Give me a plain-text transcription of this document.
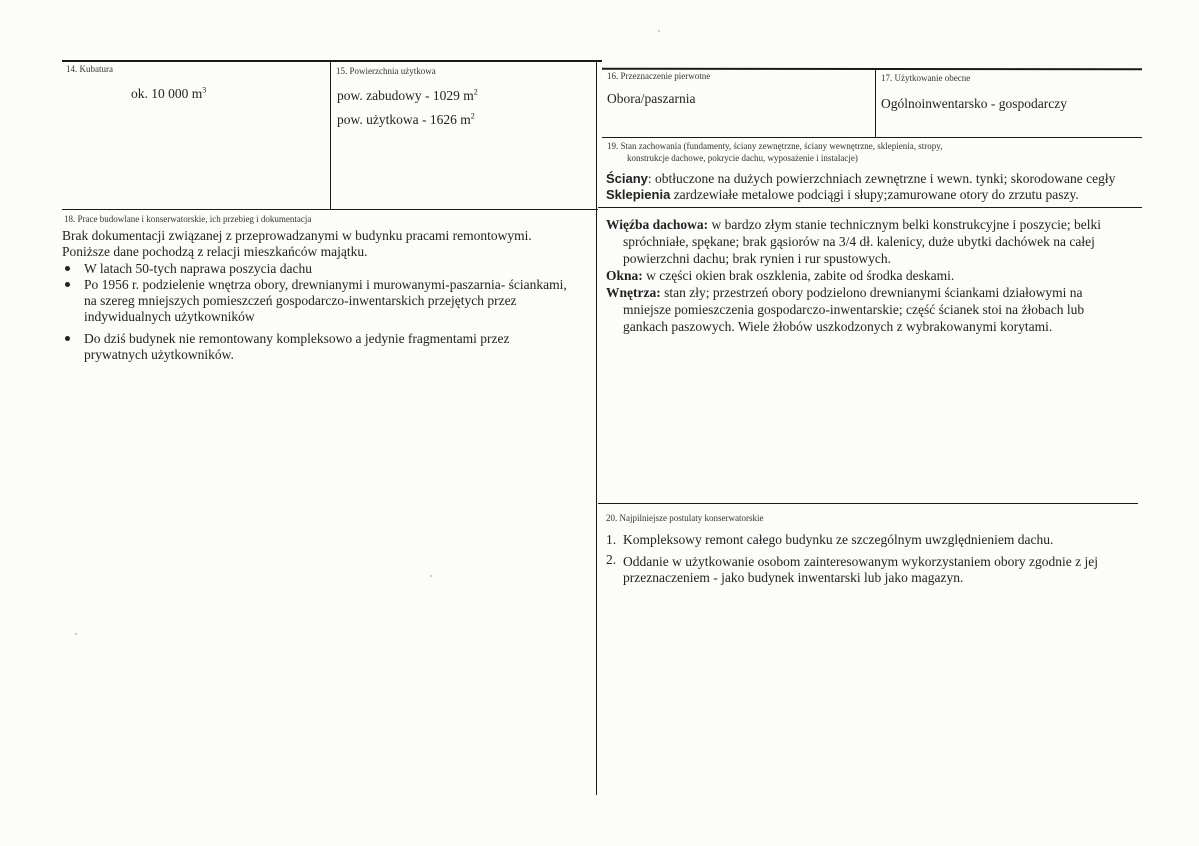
14. Kubatura
ok. 10 000 $m^3$
15. Powierzchnia użytkowa
pow. zabudowy - 1029 $m^2$
pow. użytkowa - 1626 $m^2$
16. Przeznaczenie pierwotne
Obora/paszarnia
17. Użytkowanie obecne
Ogólnoinwentarsko - gospodarczy
19. Stan zachowania (fundamenty, ściany zewnętrzne, ściany wewnętrzne, sklepienia, stropy,
konstrukcje dachowe, pokrycie dachu, wyposażenie i instalacje)
Ściany: obtłuczone na dużych powierzchniach zewnętrzne i wewn. tynki; skorodowane cegły
Sklepienia zardzewiałe metalowe podciągi i słupy;zamurowane otory do zrzutu paszy.
Więźba dachowa: w bardzo złym stanie technicznym belki konstrukcyjne i poszycie; belki
spróchniałe, spękane; brak gąsiorów na 3/4 dł. kalenicy, duże ubytki dachówek na całej
powierzchni dachu; brak rynien i rur spustowych.
Okna: w części okien brak oszklenia, zabite od środka deskami.
Wnętrza: stan zły; przestrzeń obory podzielono drewnianymi ściankami działowymi na
mniejsze pomieszczenia gospodarczo-inwentarskie; część ścianek stoi na żłobach lub
gankach paszowych. Wiele żłobów uszkodzonych z wybrakowanymi korytami.
18. Prace budowlane i konserwatorskie, ich przebieg i dokumentacja
Brak dokumentacji związanej z przeprowadzanymi w budynku pracami remontowymi.
Poniższe dane pochodzą z relacji mieszkańców majątku.
W latach 50-tych naprawa poszycia dachu
Po 1956 r. podzielenie wnętrza obory, drewnianymi i murowanymi-paszarnia- ściankami,
na szereg mniejszych pomieszczeń gospodarczo-inwentarskich przejętych przez
indywidualnych użytkowników
Do dziś budynek nie remontowany kompleksowo a jedynie fragmentami przez
prywatnych użytkowników.
20. Najpilniejsze postulaty konserwatorskie
1. Kompleksowy remont całego budynku ze szczególnym uwzględnieniem dachu.
2. Oddanie w użytkowanie osobom zainteresowanym wykorzystaniem obory zgodnie z jej
przeznaczeniem - jako budynek inwentarski lub jako magazyn.
